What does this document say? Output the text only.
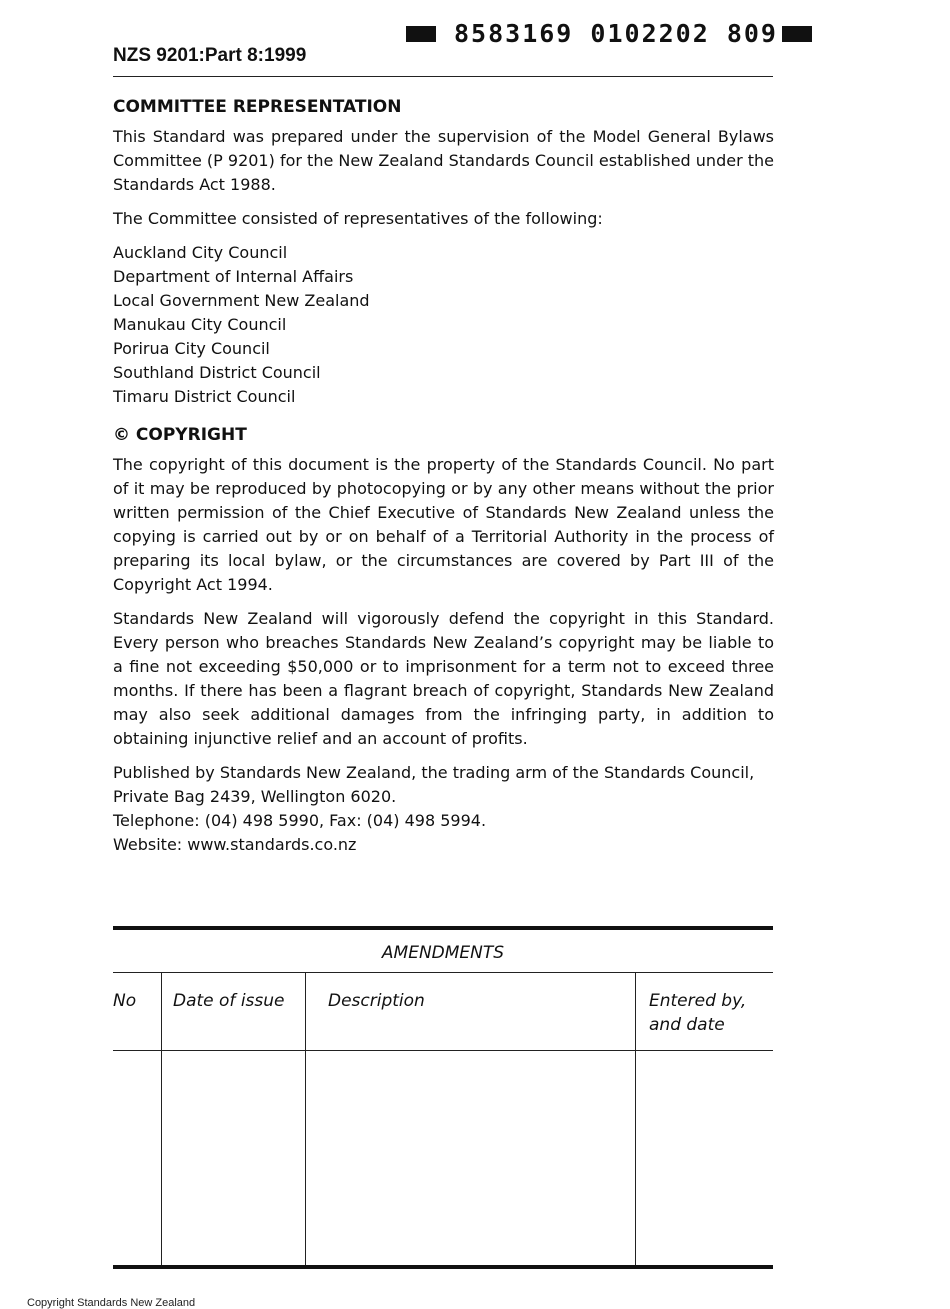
8583169 0102202 809
NZS 9201:Part 8:1999
COMMITTEE REPRESENTATION

This Standard was prepared under the supervision of the Model General Bylaws Committee (P 9201) for the New Zealand Standards Council established under the Standards Act 1988.

The Committee consisted of representatives of the following:

Auckland City Council
Department of Internal Affairs
Local Government New Zealand
Manukau City Council
Porirua City Council
Southland District Council
Timaru District Council
© COPYRIGHT

The copyright of this document is the property of the Standards Council. No part of it may be reproduced by photocopying or by any other means without the prior written permission of the Chief Executive of Standards New Zealand unless the copying is carried out by or on behalf of a Territorial Authority in the process of preparing its local bylaw, or the circumstances are covered by Part III of the Copyright Act 1994.

Standards New Zealand will vigorously defend the copyright in this Standard. Every person who breaches Standards New Zealand’s copyright may be liable to a fine not exceeding $50,000 or to imprisonment for a term not to exceed three months. If there has been a flagrant breach of copyright, Standards New Zealand may also seek additional damages from the infringing party, in addition to obtaining injunctive relief and an account of profits.

Published by Standards New Zealand, the trading arm of the Standards Council,

Private Bag 2439, Wellington 6020.

Telephone: (04) 498 5990, Fax: (04) 498 5994.

Website: www.standards.co.nz

AMENDMENTS
No Date of issue	Description	Entered by,
and date
Copyright Standards New Zealand
